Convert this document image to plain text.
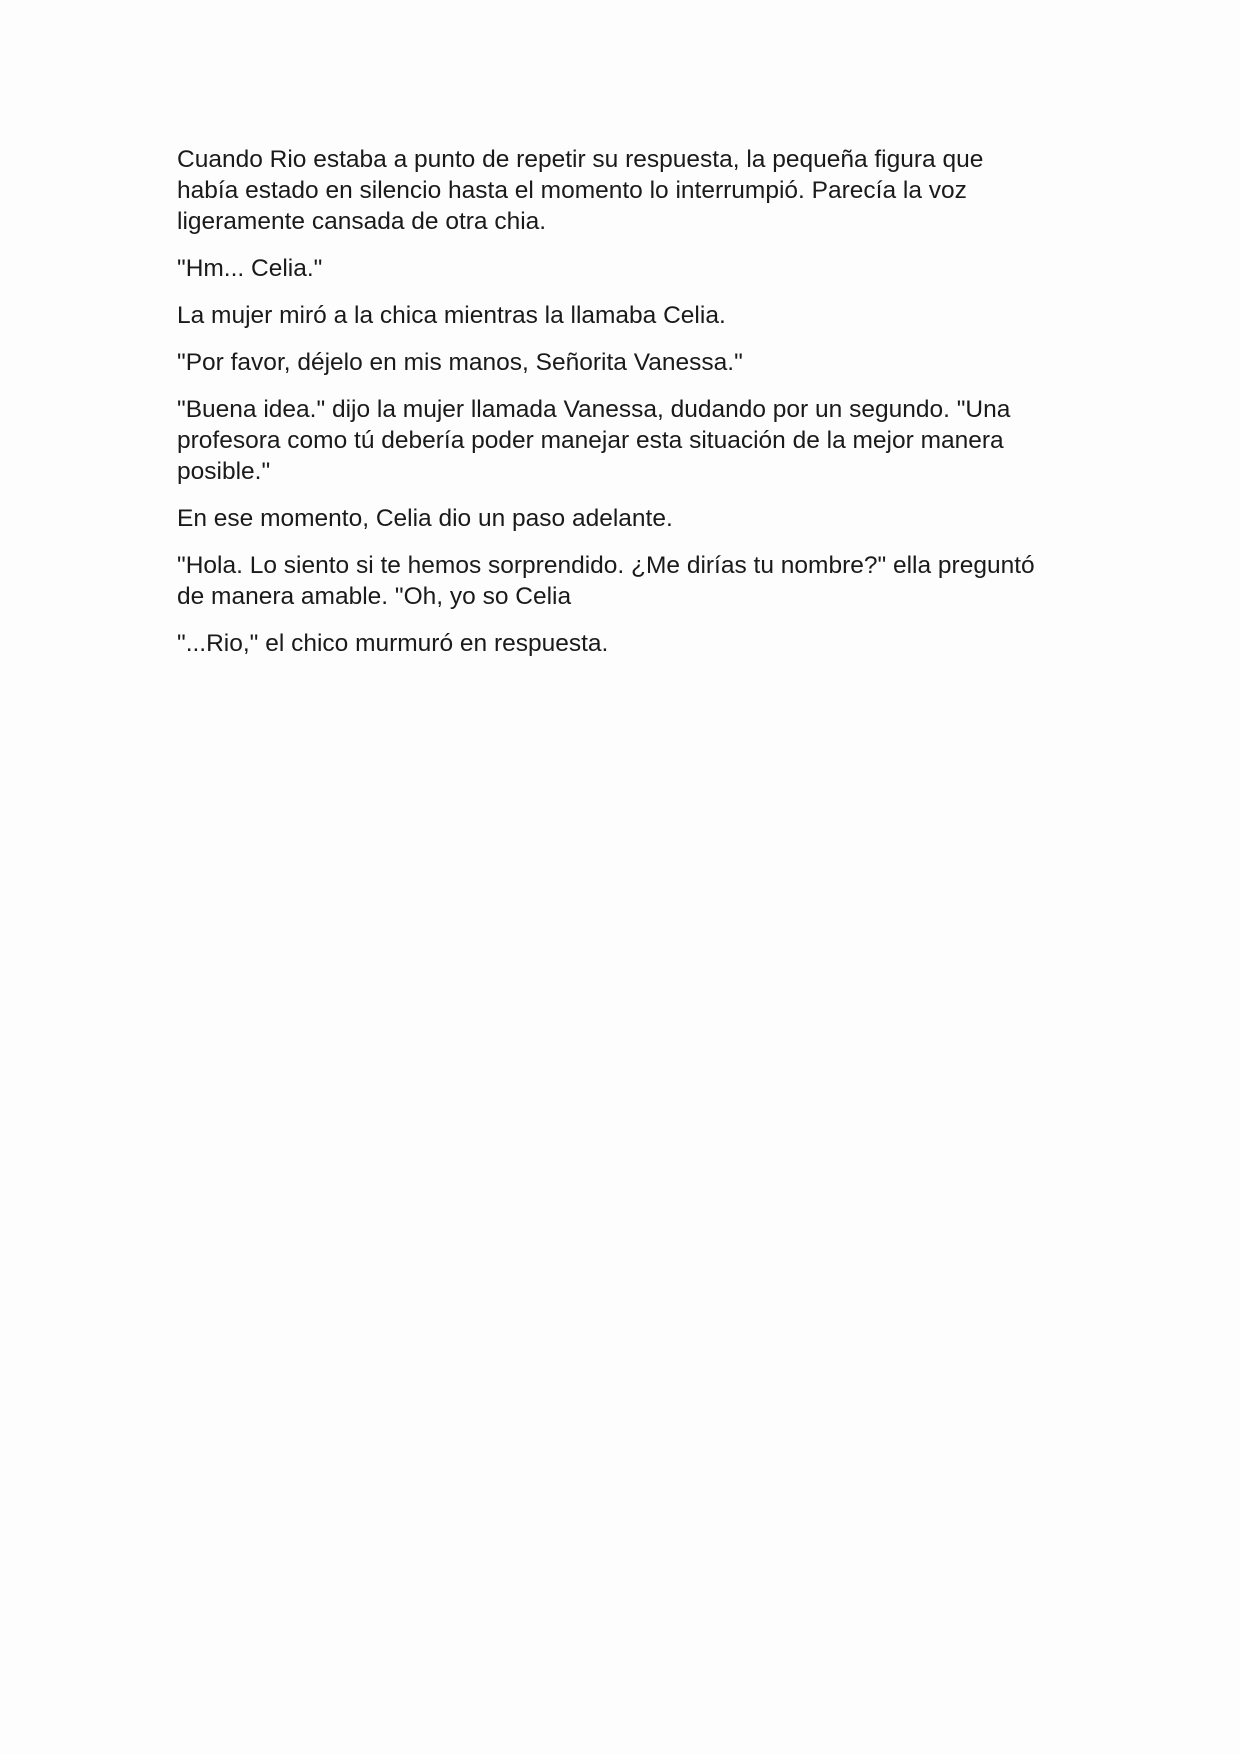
Cuando Rio estaba a punto de repetir su respuesta, la pequeña figura que
había estado en silencio hasta el momento lo interrumpió. Parecía la voz
ligeramente cansada de otra chia.

"Hm... Celia."

La mujer miró a la chica mientras la llamaba Celia.

"Por favor, déjelo en mis manos, Señorita Vanessa."

"Buena idea." dijo la mujer llamada Vanessa, dudando por un segundo. "Una
profesora como tú debería poder manejar esta situación de la mejor manera
posible."

En ese momento, Celia dio un paso adelante.

"Hola. Lo siento si te hemos sorprendido. ¿Me dirías tu nombre?" ella preguntó
de manera amable. "Oh, yo so Celia

"...Rio," el chico murmuró en respuesta.
